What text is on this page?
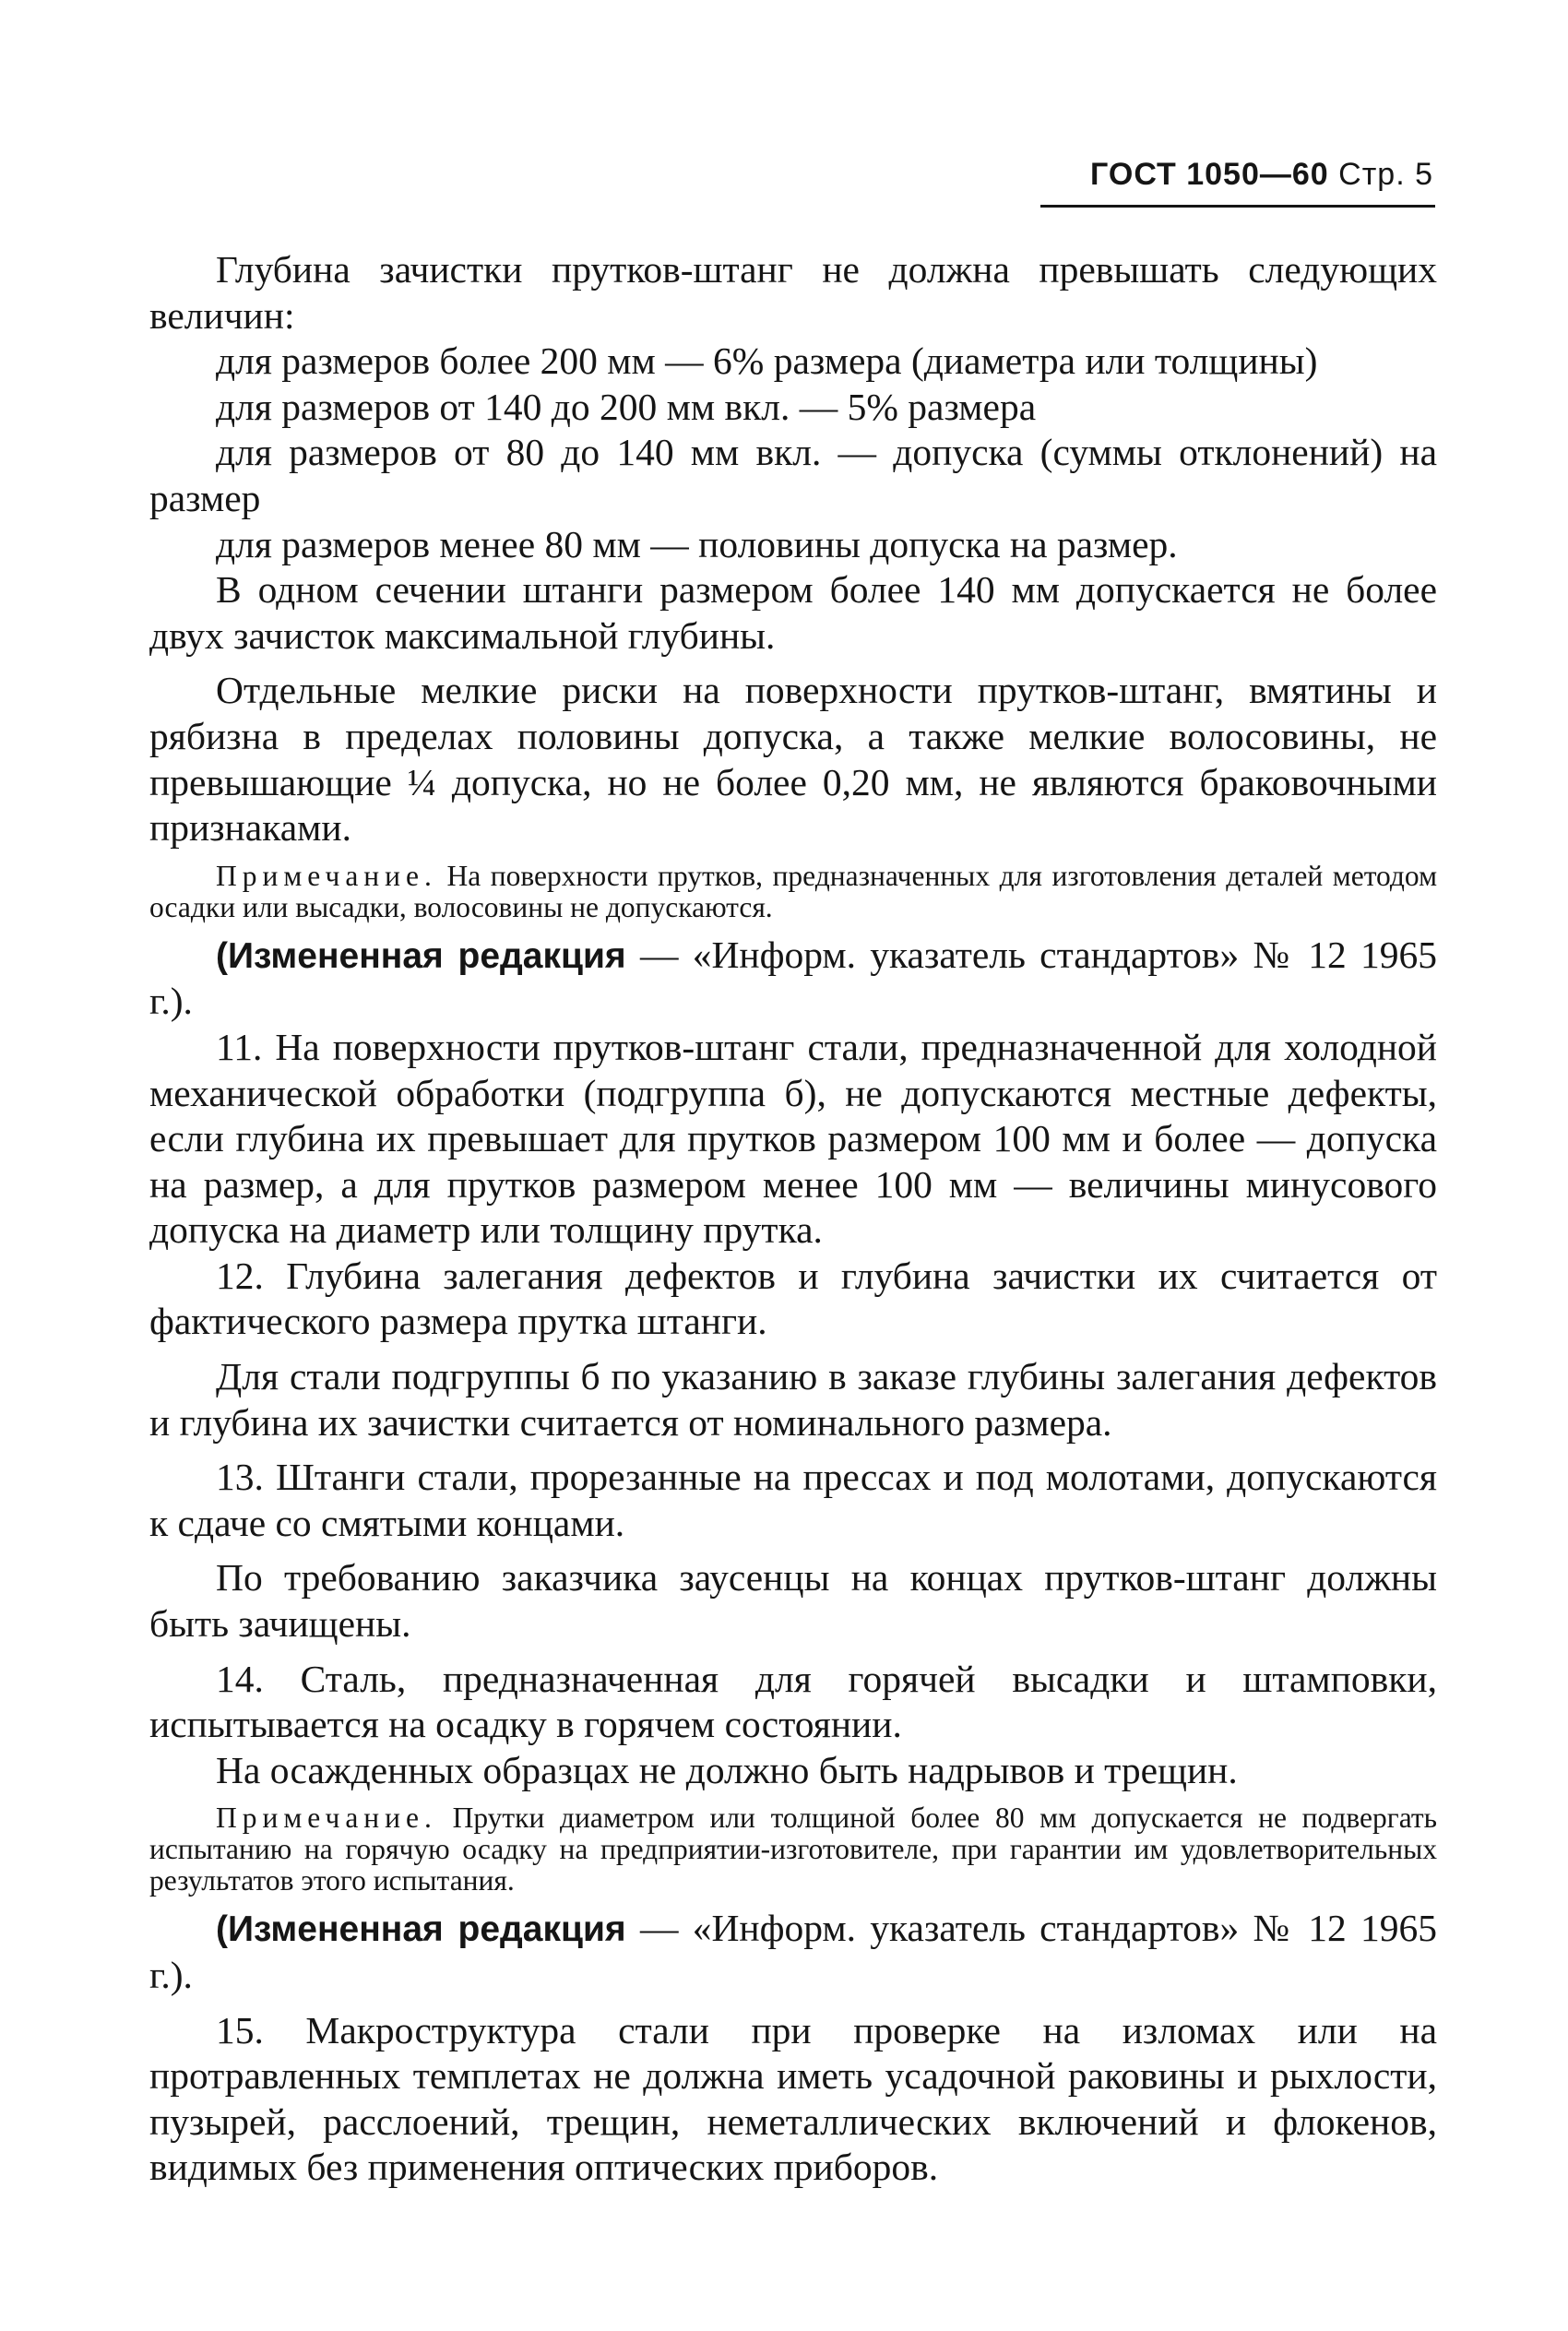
ГОСТ 1050—60 Стр. 5

Глубина зачистки прутков-штанг не должна превышать следующих величин:

для размеров более 200 мм — 6% размера (диаметра или толщины)

для размеров от 140 до 200 мм вкл. — 5% размера

для размеров от 80 до 140 мм вкл. — допуска (суммы отклонений) на размер

для размеров менее 80 мм — половины допуска на размер.

В одном сечении штанги размером более 140 мм допускается не более двух зачисток максимальной глубины.

Отдельные мелкие риски на поверхности прутков-штанг, вмятины и рябизна в пределах половины допуска, а также мелкие волосовины, не превышающие ¼ допуска, но не более 0,20 мм, не являются браковочными признаками.

Примечание. На поверхности прутков, предназначенных для изготовления деталей методом осадки или высадки, волосовины не допускаются.

(Измененная редакция — «Информ. указатель стандартов» № 12 1965 г.).

11. На поверхности прутков-штанг стали, предназначенной для холодной механической обработки (подгруппа б), не допускаются местные дефекты, если глубина их превышает для прутков размером 100 мм и более — допуска на размер, а для прутков размером менее 100 мм — величины минусового допуска на диаметр или толщину прутка.

12. Глубина залегания дефектов и глубина зачистки их считается от фактического размера прутка штанги.

Для стали подгруппы б по указанию в заказе глубины залегания дефектов и глубина их зачистки считается от номинального размера.

13. Штанги стали, прорезанные на прессах и под молотами, допускаются к сдаче со смятыми концами.

По требованию заказчика заусенцы на концах прутков-штанг должны быть зачищены.

14. Сталь, предназначенная для горячей высадки и штамповки, испытывается на осадку в горячем состоянии.

На осажденных образцах не должно быть надрывов и трещин.

Примечание. Прутки диаметром или толщиной более 80 мм допускается не подвергать испытанию на горячую осадку на предприятии-изготовителе, при гарантии им удовлетворительных результатов этого испытания.

(Измененная редакция — «Информ. указатель стандартов» № 12 1965 г.).

15. Макроструктура стали при проверке на изломах или на протравленных темплетах не должна иметь усадочной раковины и рыхлости, пузырей, расслоений, трещин, неметаллических включений и флокенов, видимых без применения оптических приборов.
